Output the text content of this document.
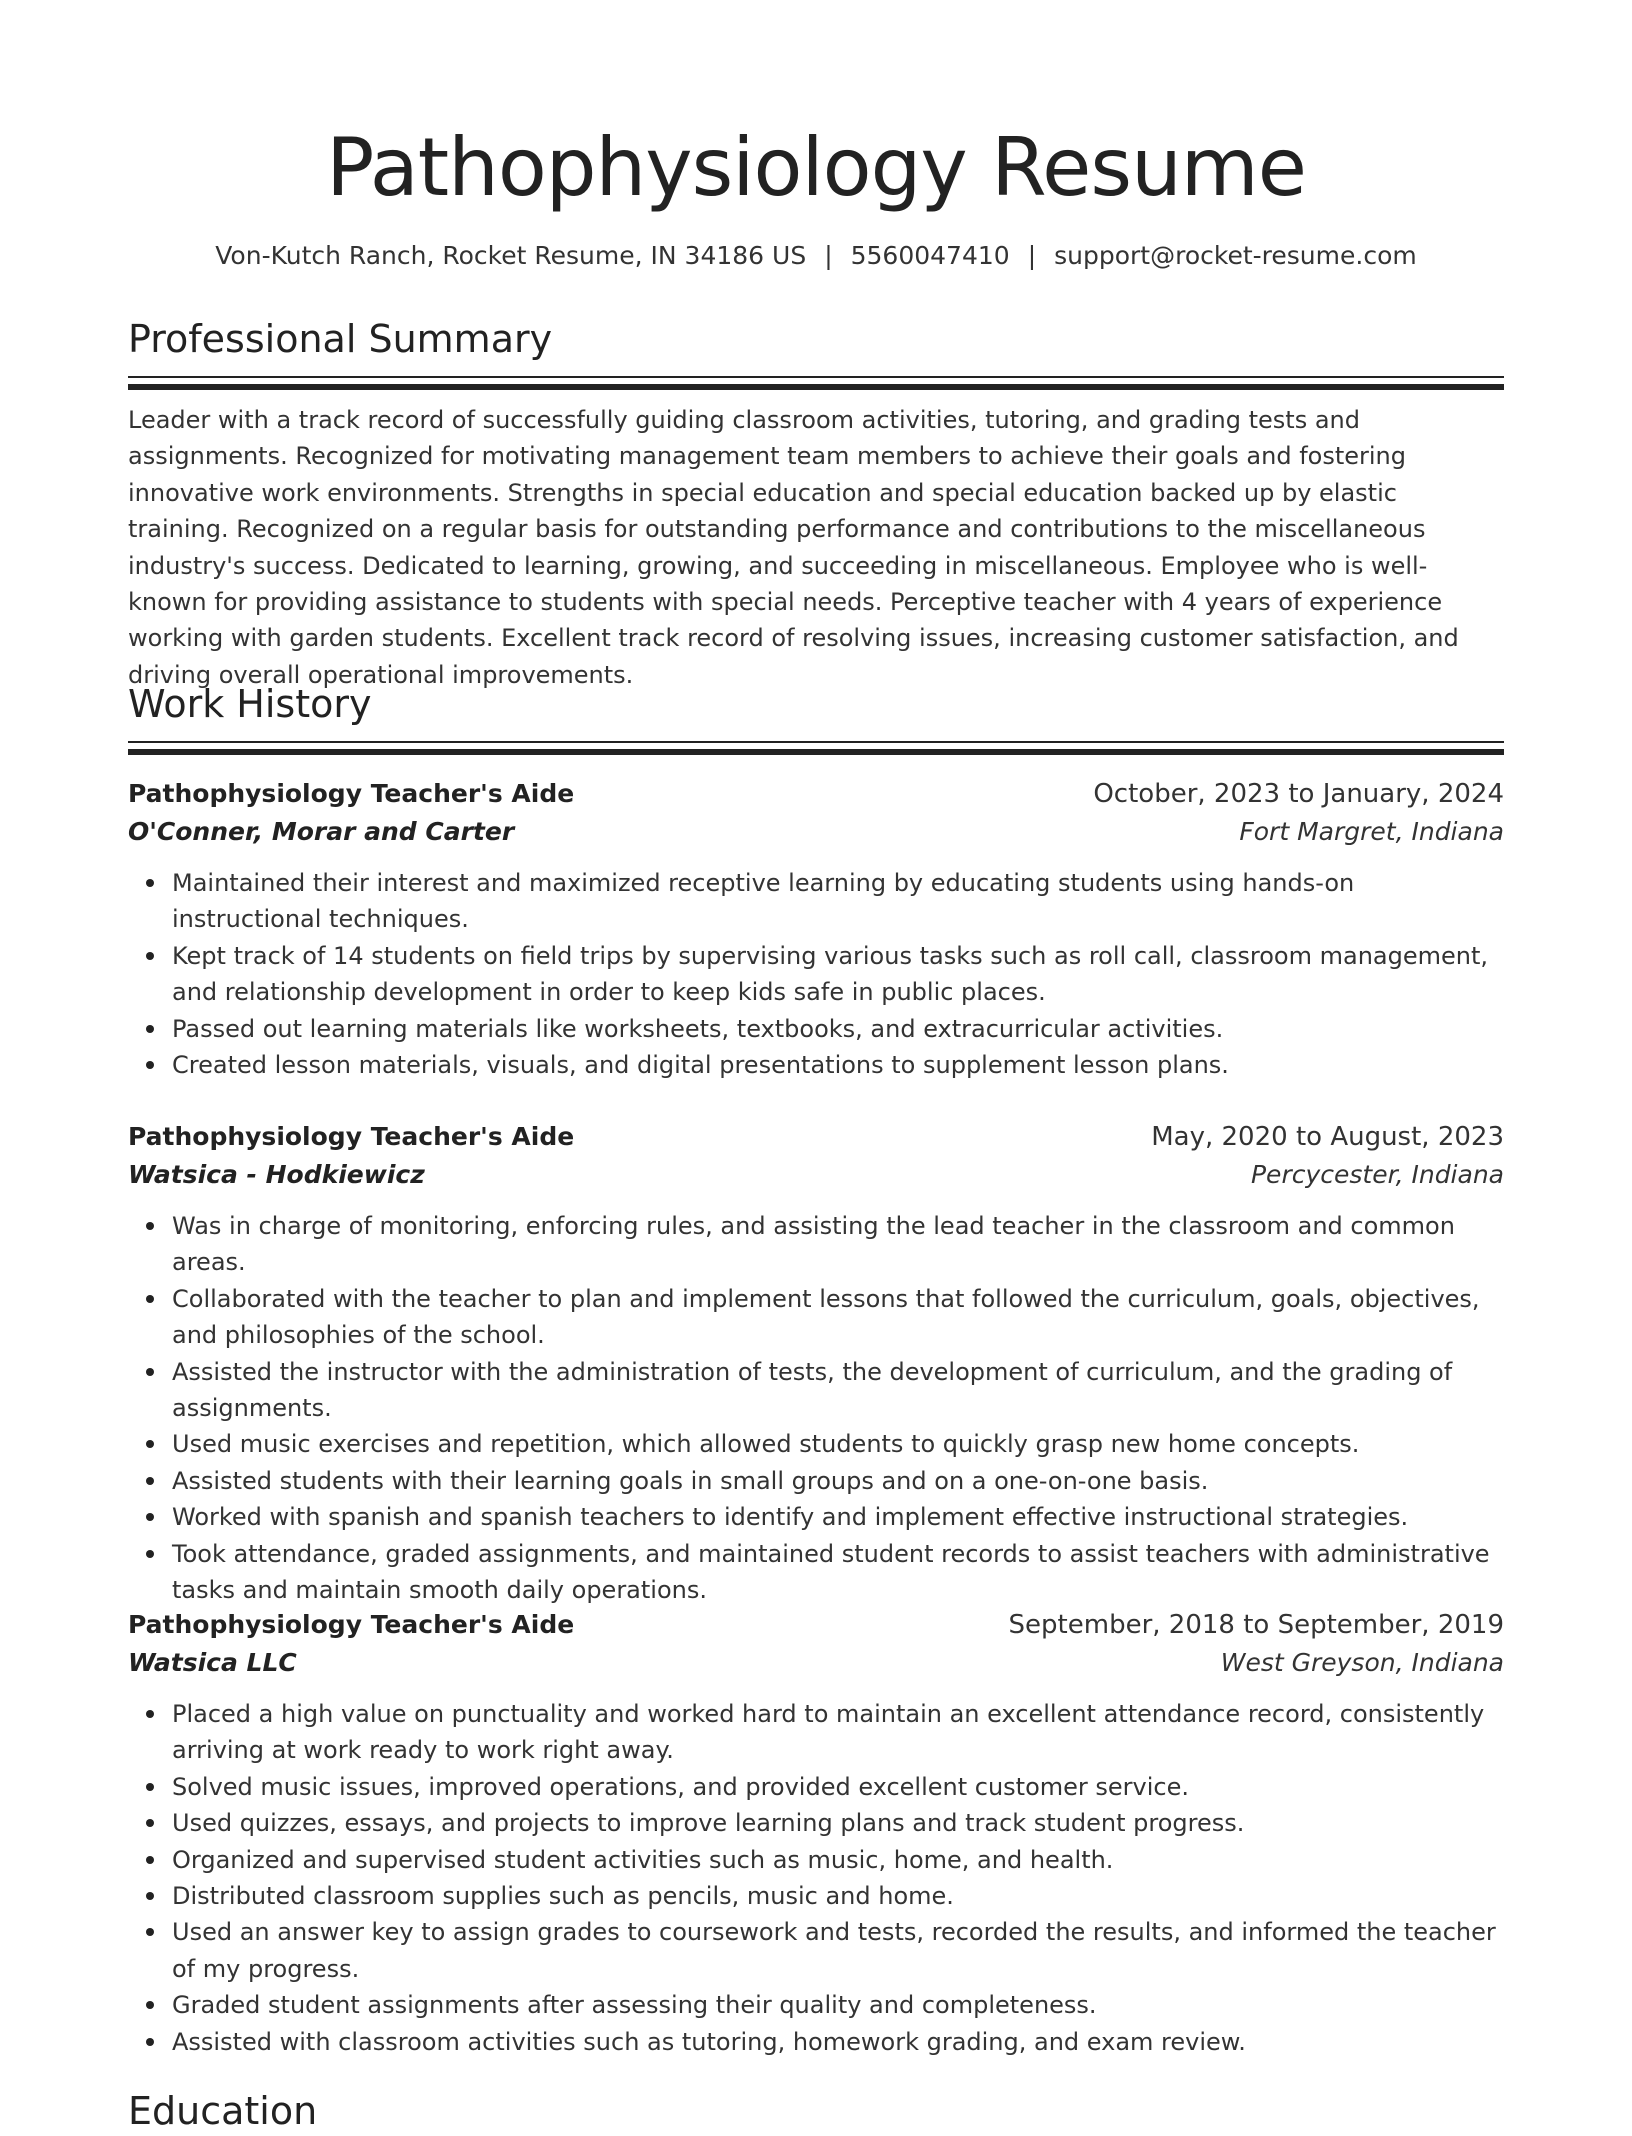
Pathophysiology Resume
Von-Kutch Ranch, Rocket Resume, IN 34186 US | 5560047410 | support@rocket-resume.com
Professional Summary

Leader with a track record of successfully guiding classroom activities, tutoring, and grading tests and assignments. Recognized for motivating management team members to achieve their goals and fostering innovative work environments. Strengths in special education and special education backed up by elastic training. Recognized on a regular basis for outstanding performance and contributions to the miscellaneous industry's success. Dedicated to learning, growing, and succeeding in miscellaneous. Employee who is well-known for providing assistance to students with special needs. Perceptive teacher with 4 years of experience working with garden students. Excellent track record of resolving issues, increasing customer satisfaction, and driving overall operational improvements.

Work History
Pathophysiology Teacher's Aide	October, 2023 to January, 2024
O'Conner, Morar and Carter	Fort Margret, Indiana
Maintained their interest and maximized receptive learning by educating students using hands-on instructional techniques.
Kept track of 14 students on field trips by supervising various tasks such as roll call, classroom management, and relationship development in order to keep kids safe in public places.
Passed out learning materials like worksheets, textbooks, and extracurricular activities.
Created lesson materials, visuals, and digital presentations to supplement lesson plans.
Pathophysiology Teacher's Aide	May, 2020 to August, 2023
Watsica - Hodkiewicz	Percycester, Indiana
Was in charge of monitoring, enforcing rules, and assisting the lead teacher in the classroom and common areas.
Collaborated with the teacher to plan and implement lessons that followed the curriculum, goals, objectives, and philosophies of the school.
Assisted the instructor with the administration of tests, the development of curriculum, and the grading of assignments.
Used music exercises and repetition, which allowed students to quickly grasp new home concepts.
Assisted students with their learning goals in small groups and on a one-on-one basis.
Worked with spanish and spanish teachers to identify and implement effective instructional strategies.
Took attendance, graded assignments, and maintained student records to assist teachers with administrative tasks and maintain smooth daily operations.
Pathophysiology Teacher's Aide	September, 2018 to September, 2019
Watsica LLC	West Greyson, Indiana
Placed a high value on punctuality and worked hard to maintain an excellent attendance record, consistently arriving at work ready to work right away.
Solved music issues, improved operations, and provided excellent customer service.
Used quizzes, essays, and projects to improve learning plans and track student progress.
Organized and supervised student activities such as music, home, and health.
Distributed classroom supplies such as pencils, music and home.
Used an answer key to assign grades to coursework and tests, recorded the results, and informed the teacher of my progress.
Graded student assignments after assessing their quality and completeness.
Assisted with classroom activities such as tutoring, homework grading, and exam review.
Education
